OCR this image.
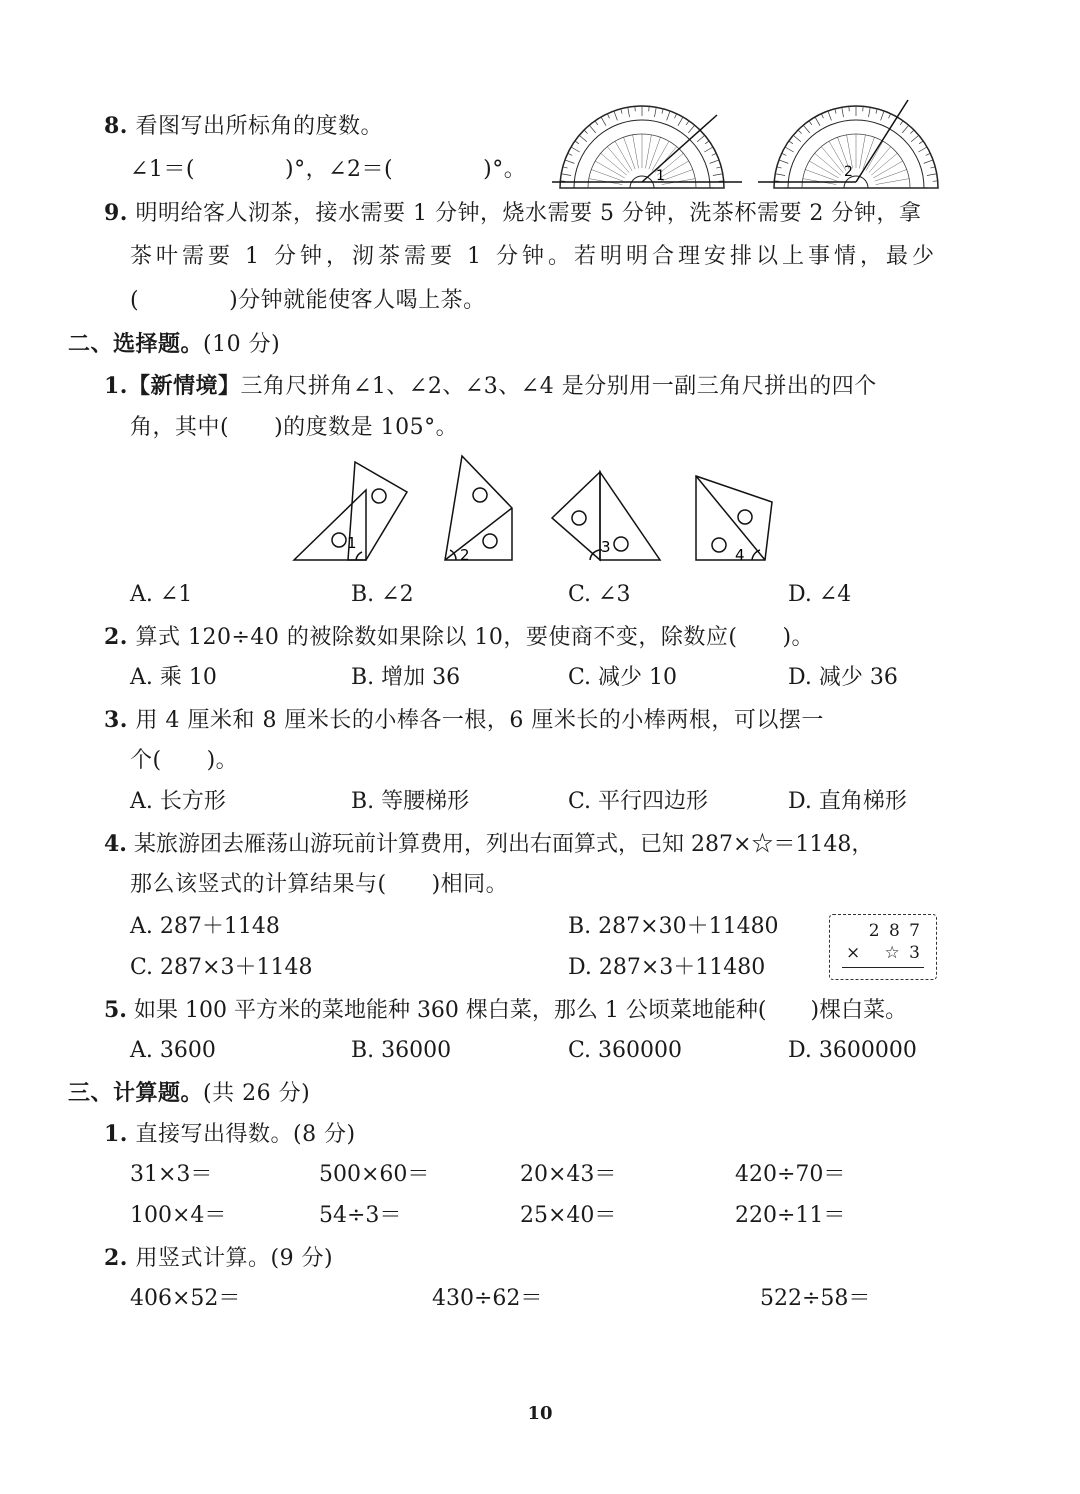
8. 看图写出所标角的度数。
∠1＝(　　　　)°，∠2＝(　　　　)°。	1	2
9. 明明给客人沏茶，接水需要 1 分钟，烧水需要 5 分钟，洗茶杯需要 2 分钟，拿
茶叶需要 1 分钟，沏茶需要 1 分钟。若明明合理安排以上事情，最少
(　　　　)分钟就能使客人喝上茶。
二、选择题。(10 分)
1.【新情境】三角尺拼角∠1、∠2、∠3、∠4 是分别用一副三角尺拼出的四个
角，其中(　　)的度数是 105°。
1
2	3	4
A. ∠1	B. ∠2	C. ∠3	D. ∠4
2. 算式 120÷40 的被除数如果除以 10，要使商不变，除数应(　　)。
A. 乘 10	B. 增加 36	C. 减少 10	D. 减少 36
3. 用 4 厘米和 8 厘米长的小棒各一根，6 厘米长的小棒两根，可以摆一
个(　　)。
A. 长方形	B. 等腰梯形	C. 平行四边形	D. 直角梯形
4. 某旅游团去雁荡山游玩前计算费用，列出右面算式，已知 287×☆＝1148，
那么该竖式的计算结果与(　　)相同。
A. 287＋1148	B. 287×30＋11480
C. 287×3＋1148	D. 287×3＋11480
2 8 7
× ☆ 3
5. 如果 100 平方米的菜地能种 360 棵白菜，那么 1 公顷菜地能种(　　)棵白菜。
A. 3600	B. 36000	C. 360000	D. 3600000
三、计算题。(共 26 分)
1. 直接写出得数。(8 分)
31×3＝	500×60＝	20×43＝	420÷70＝
100×4＝	54÷3＝	25×40＝	220÷11＝
2. 用竖式计算。(9 分)
406×52＝	430÷62＝	522÷58＝
10
